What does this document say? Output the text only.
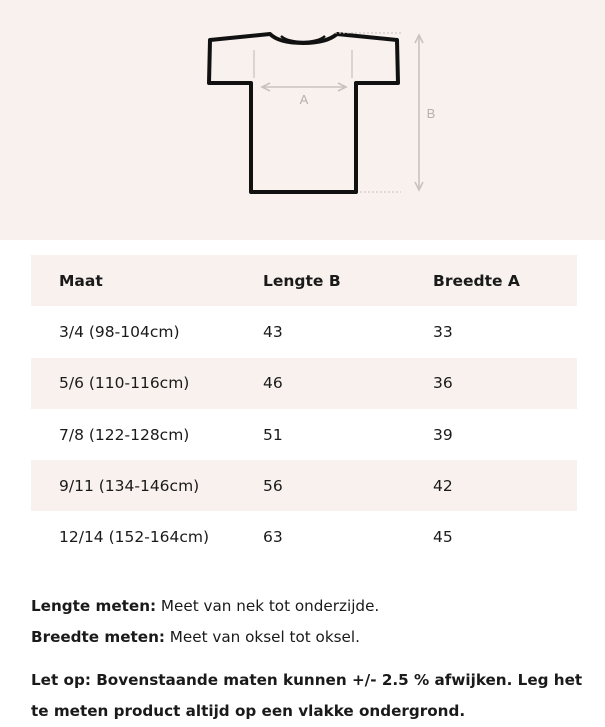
A
B
Maat	Lengte B	Breedte A
3/4 (98-104cm)	43	33
5/6 (110-116cm)	46	36
7/8 (122-128cm)	51	39
9/11 (134-146cm)	56	42
12/14 (152-164cm)	63	45
Lengte meten: Meet van nek tot onderzijde.
Breedte meten: Meet van oksel tot oksel.
Let op: Bovenstaande maten kunnen +/- 2.5 % afwijken. Leg het te meten product altijd op een vlakke ondergrond.
